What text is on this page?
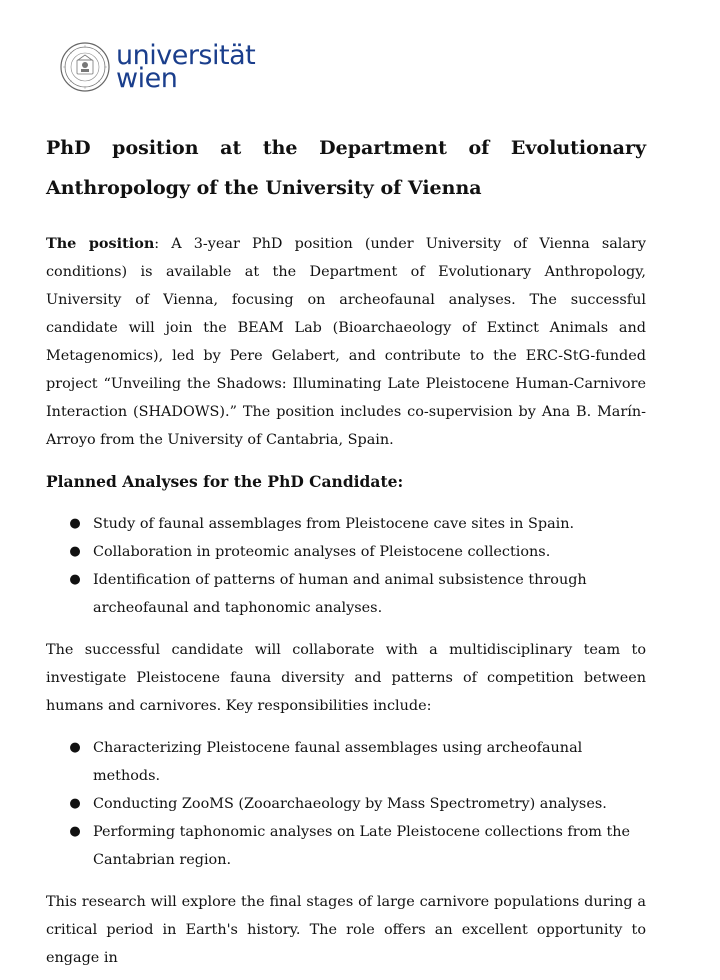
universität
wien
PhD position at the Department of Evolutionary
Anthropology of the University of Vienna

The position: A 3-year PhD position (under University of Vienna salary conditions) is available at the Department of Evolutionary Anthropology, University of Vienna, focusing on archeofaunal analyses. The successful candidate will join the BEAM Lab (Bioarchaeology of Extinct Animals and Metagenomics), led by Pere Gelabert, and contribute to the ERC-StG-funded project “Unveiling the Shadows: Illuminating Late Pleistocene Human-Carnivore Interaction (SHADOWS).” The position includes co-supervision by Ana B. Marín-Arroyo from the University of Cantabria, Spain.

Planned Analyses for the PhD Candidate:
● Study of faunal assemblages from Pleistocene cave sites in Spain.
● Collaboration in proteomic analyses of Pleistocene collections.
● Identification of patterns of human and animal subsistence through archeofaunal and taphonomic analyses.

The successful candidate will collaborate with a multidisciplinary team to investigate Pleistocene fauna diversity and patterns of competition between humans and carnivores. Key responsibilities include:

● Characterizing Pleistocene faunal assemblages using archeofaunal methods.
● Conducting ZooMS (Zooarchaeology by Mass Spectrometry) analyses.
● Performing taphonomic analyses on Late Pleistocene collections from the Cantabrian region.

This research will explore the final stages of large carnivore populations during a critical period in Earth's history. The role offers an excellent opportunity to engage in
